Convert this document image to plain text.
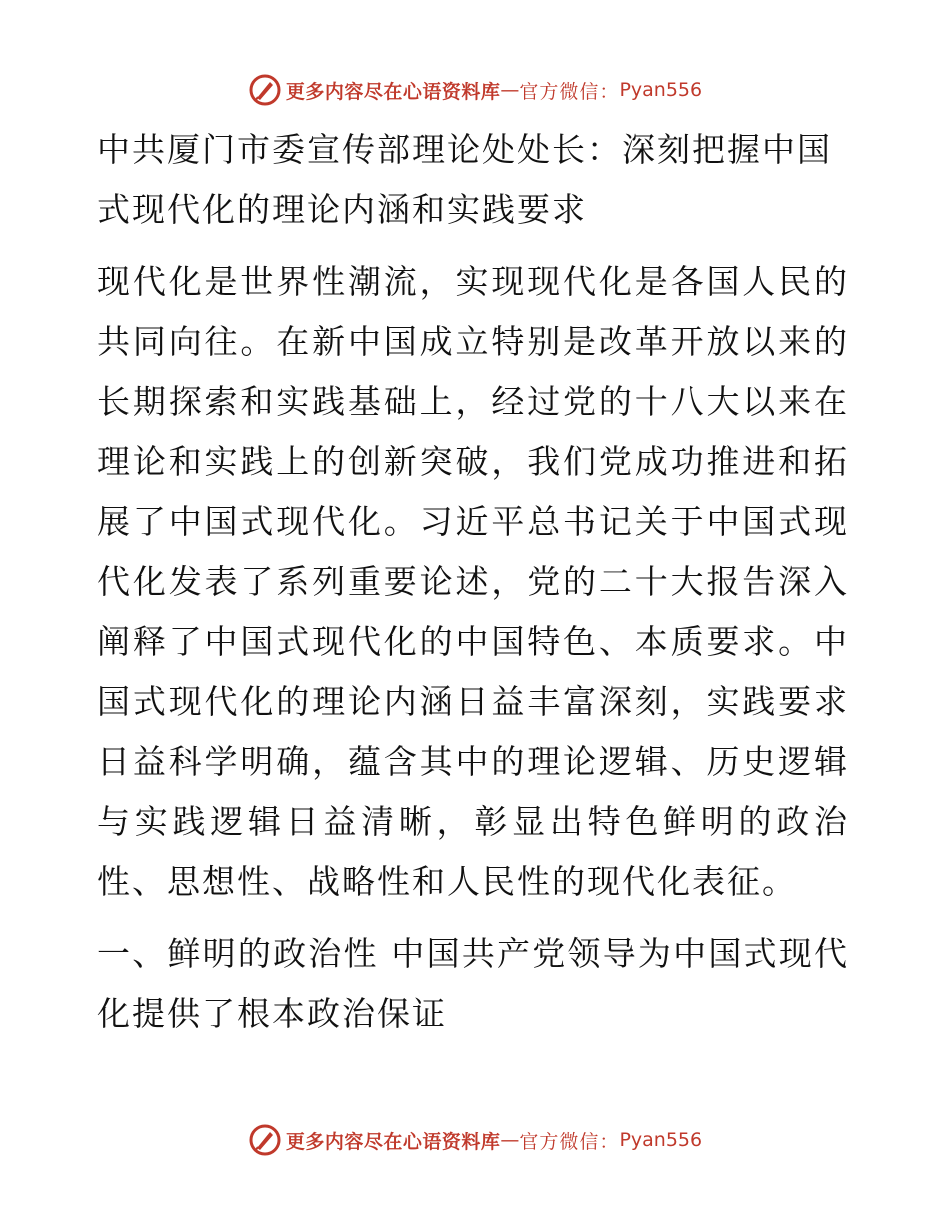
更多内容尽在心语资料库 — 官方微信： Pyan556

中共厦门市委宣传部理论处处长：深刻把握中国式现代化的理论内涵和实践要求

现代化是世界性潮流，实现现代化是各国人民的共同向往。在新中国成立特别是改革开放以来的长期探索和实践基础上，经过党的十八大以来在理论和实践上的创新突破，我们党成功推进和拓展了中国式现代化。习近平总书记关于中国式现代化发表了系列重要论述，党的二十大报告深入阐释了中国式现代化的中国特色、本质要求。中国式现代化的理论内涵日益丰富深刻，实践要求日益科学明确，蕴含其中的理论逻辑、历史逻辑与实践逻辑日益清晰，彰显出特色鲜明的政治性、思想性、战略性和人民性的现代化表征。

一、鲜明的政治性 中国共产党领导为中国式现代化提供了根本政治保证

更多内容尽在心语资料库 — 官方微信： Pyan556
